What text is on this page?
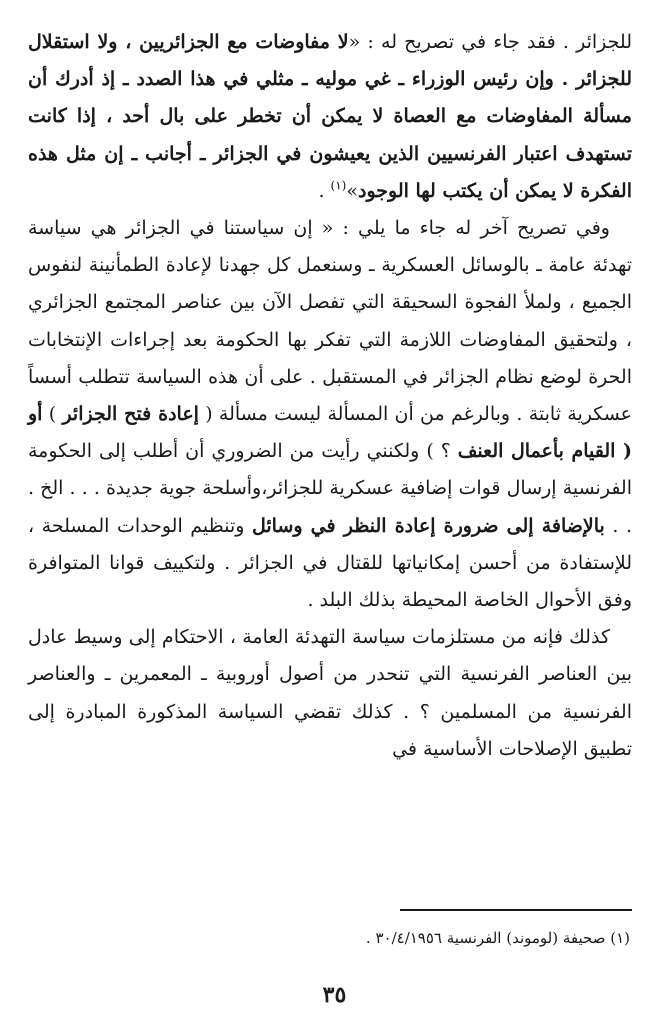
للجزائر . فقد جاء في تصريح له : «لا مفاوضات مع الجزائريين ، ولا استقلال للجزائر . وإن رئيس الوزراء ـ غي موليه ـ مثلي في هذا الصدد ـ إذ أدرك أن مسألة المفاوضات مع العصاة لا يمكن أن تخطر على بال أحد ، إذا كانت تستهدف اعتبار الفرنسيين الذين يعيشون في الجزائر ـ أجانب ـ إن مثل هذه الفكرة لا يمكن أن يكتب لها الوجود»$^{(١)}$ .

وفي تصريح آخر له جاء ما يلي : « إن سياستنا في الجزائر هي سياسة تهدئة عامة ـ بالوسائل العسكرية ـ وسنعمل كل جهدنا لإعادة الطمأنينة لنفوس الجميع ، ولملأ الفجوة السحيقة التي تفصل الآن بين عناصر المجتمع الجزائري ، ولتحقيق المفاوضات اللازمة التي تفكر بها الحكومة بعد إجراءات الإنتخابات الحرة لوضع نظام الجزائر في المستقبل . على أن هذه السياسة تتطلب أسساً عسكرية ثابتة . وبالرغم من أن المسألة ليست مسألة ( إعادة فتح الجزائر ) أو ( القيام بأعمال العنف ؟ ) ولكنني رأيت من الضروري أن أطلب إلى الحكومة الفرنسية إرسال قوات إضافية عسكرية للجزائر،وأسلحة جوية جديدة . . . الخ . . . بالإضافة إلى ضرورة إعادة النظر في وسائل وتنظيم الوحدات المسلحة ، للإستفادة من أحسن إمكانياتها للقتال في الجزائر . ولتكييف قوانا المتوافرة وفق الأحوال الخاصة المحيطة بذلك البلد .

كذلك فإنه من مستلزمات سياسة التهدئة العامة ، الاحتكام إلى وسيط عادل بين العناصر الفرنسية التي تنحدر من أصول أوروبية ـ المعمرين ـ والعناصر الفرنسية من المسلمين ؟ . كذلك تقضي السياسة المذكورة المبادرة إلى تطبيق الإصلاحات الأساسية في

(١) صحيفة (لوموند) الفرنسية ٣٠/٤/١٩٥٦ .
٣٥
